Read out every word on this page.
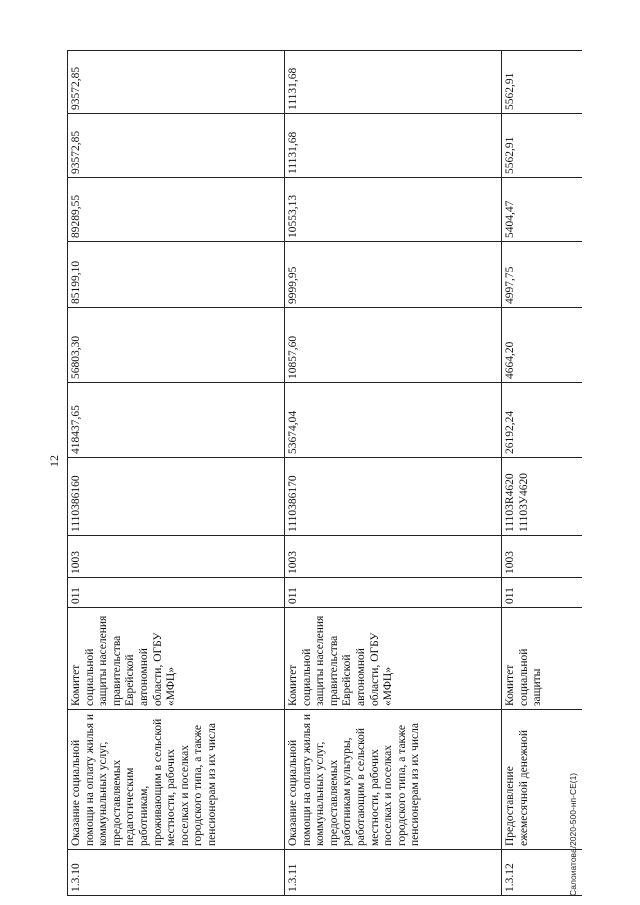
12
1.3.10	Оказание социальной помощи на оплату жилья и коммунальных услуг, предоставляемых педагогическим работникам, проживающим в сельской местности, рабочих поселках и поселках городского типа, а также пенсионерам из их числа	Комитет социальной защиты населения правительства Еврейской автономной области, ОГБУ «МФЦ»	011	1003	1110386160	418437,65	56803,30	85199,10	89289,55	93572,85	93572,85
1.3.11	Оказание социальной помощи на оплату жилья и коммунальных услуг, предоставляемых работникам культуры, работающим в сельской местности, рабочих поселках и поселках городского типа, а также пенсионерам из их числа	Комитет социальной защиты населения правительства Еврейской автономной области, ОГБУ «МФЦ»	011	1003	1110386170	53674,04	10857,60	9999,95	10553,13	11131,68	11131,68
1.3.12	Предоставление ежемесячной денежной	Комитет социальной защиты	011	1003	11103R4620 11103У4620	26192,24	4664,20	4997,75	5404,47	5562,91	5562,91
Салоиатова/2020-500-нп-СЕ(1)
